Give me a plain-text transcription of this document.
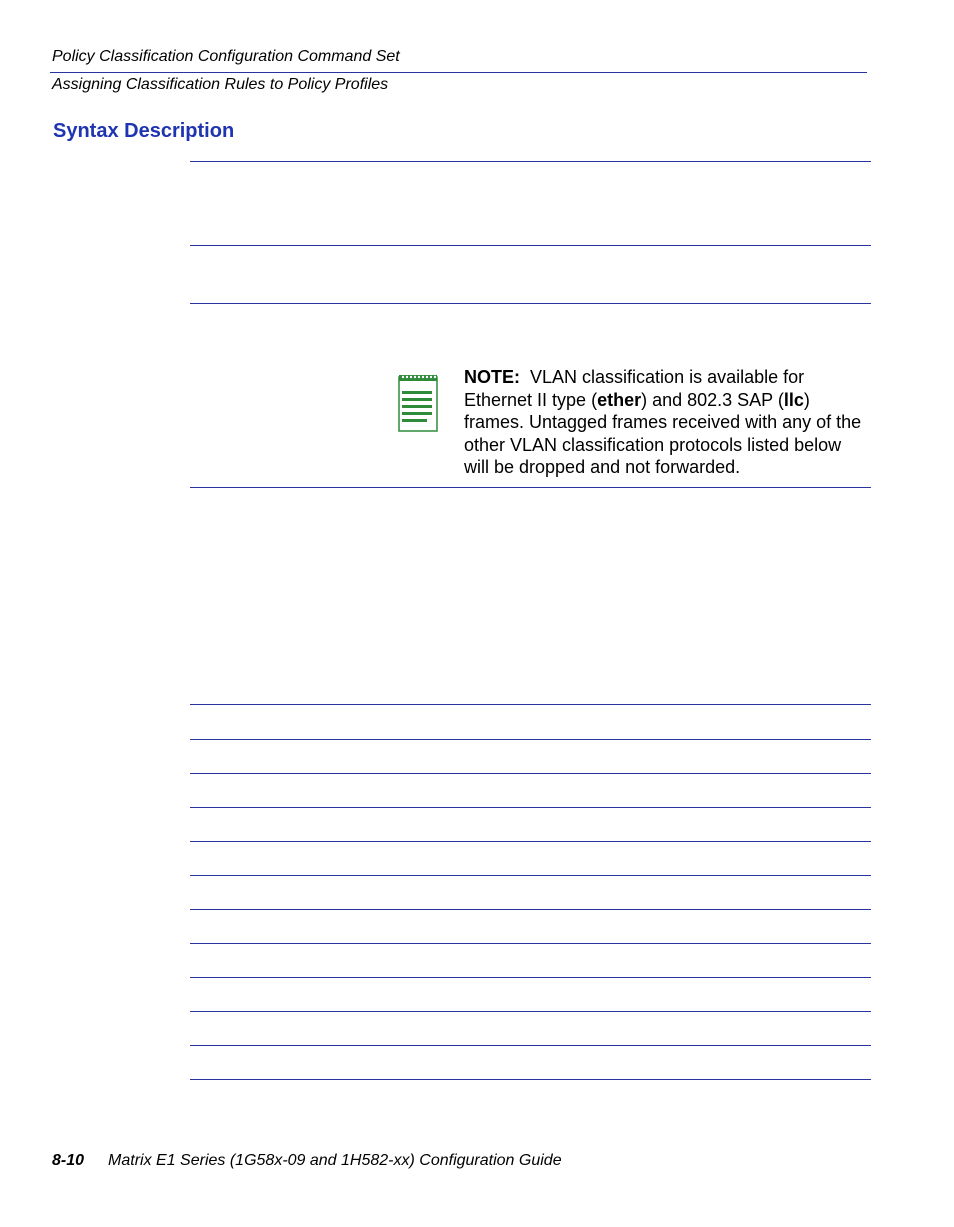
Policy Classification Configuration Command Set
Assigning Classification Rules to Policy Profiles
Syntax Description
NOTE: VLAN classification is available for Ethernet II type (ether) and 802.3 SAP (llc) frames. Untagged frames received with any of the other VLAN classification protocols listed below will be dropped and not forwarded.
8-10 Matrix E1 Series (1G58x-09 and 1H582-xx) Configuration Guide
